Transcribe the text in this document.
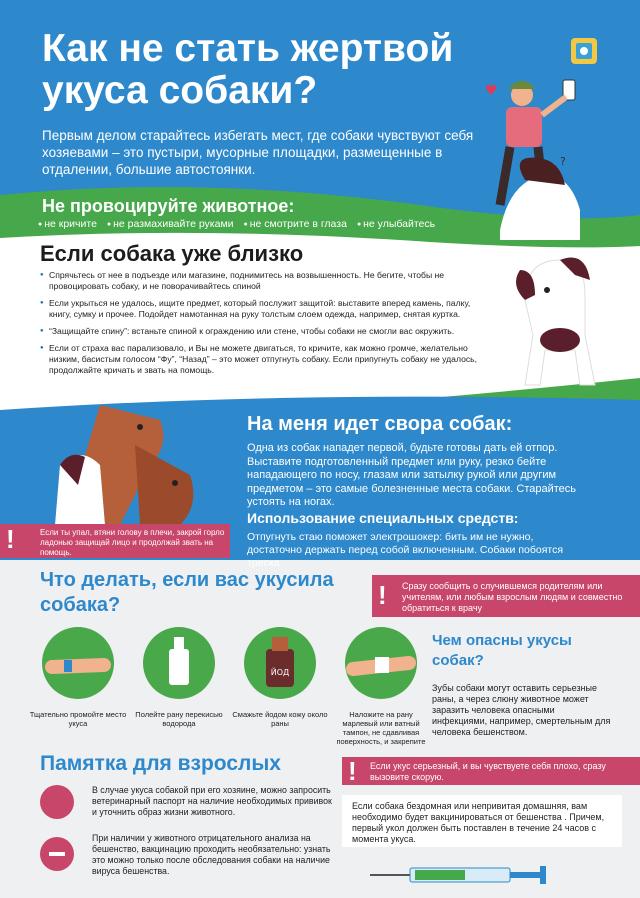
Как не стать жертвой укуса собаки?

Первым делом старайтесь избегать мест, где собаки чувствуют себя хозяевами – это пустыри, мусорные площадки, размещенные в отдалении, большие автостоянки.

♥
?
Не провоцируйте животное:
● не кричите	● не размахивайте руками	● не смотрите в глаза	● не улыбайтесь
Если собака уже близко

● Спрячьтесь от нее в подъезде или магазине, поднимитесь на возвышенность. Не бегите, чтобы не провоцировать собаку, и не поворачивайтесь спиной

● Если укрыться не удалось, ищите предмет, который послужит защитой: выставите вперед камень, палку, книгу, сумку и прочее. Подойдет намотанная на руку толстым слоем одежда, например, снятая куртка.

● “Защищайте спину”: встаньте спиной к ограждению или стене, чтобы собаки не смогли вас окружить.

● Если от страха вас парализовало, и Вы не можете двигаться, то кричите, как можно громче, желательно низким, басистым голосом “Фу”, “Назад” – это может отпугнуть собаку. Если припугнуть собаку не удалось, продолжайте кричать и звать на помощь.

На меня идет свора собак:

Одна из собак нападет первой, будьте готовы дать ей отпор. Выставите подготовленный предмет или руку, резко бейте нападающего по носу, глазам или затылку рукой или другим предметом – это самые болезненные места собаки. Старайтесь устоять на ногах.

!	Если ты упал, втяни голову в плечи, закрой горло ладонью защищай лицо и продолжай звать на помощь.
Использование специальных средств:

Отпугнуть стаю поможет электрошокер: бить им не нужно, достаточно держать перед собой включенным. Собаки побоятся треска

Что делать, если вас укусила собака?	! Сразу сообщить о случившемся родителям или учителям, или любым взрослым людям и совместно обратиться к врачу
ЙОД
Тщательно промойте место укуса
Полейте рану перекисью водорода
Смажьте йодом кожу около раны
Наложите на рану марлевый или ватный тампон, не сдавливая поверхность, и закрепите
Чем опасны укусы собак?

Зубы собаки могут оставить серьезные раны, а через слюну животное может заразить человека опасными инфекциями, например, смертельным для человека бешенством.

Памятка для взрослых

В случае укуса собакой при его хозяине, можно запросить ветеринарный паспорт на наличие необходимых прививок и уточнить образ жизни животного.

При наличии у животного отрицательного анализа на бешенство, вакцинацию проходить необязательно: узнать это можно только после обследования собаки на наличие вируса бешенства.

! Если укус серьезный, и вы чувствуете себя плохо, сразу вызовите скорую.
Если собака бездомная или непривитая домашняя, вам необходимо будет вакцинироваться от бешенства . Причем, первый укол должен быть поставлен в течение 24 часов с момента укуса.
